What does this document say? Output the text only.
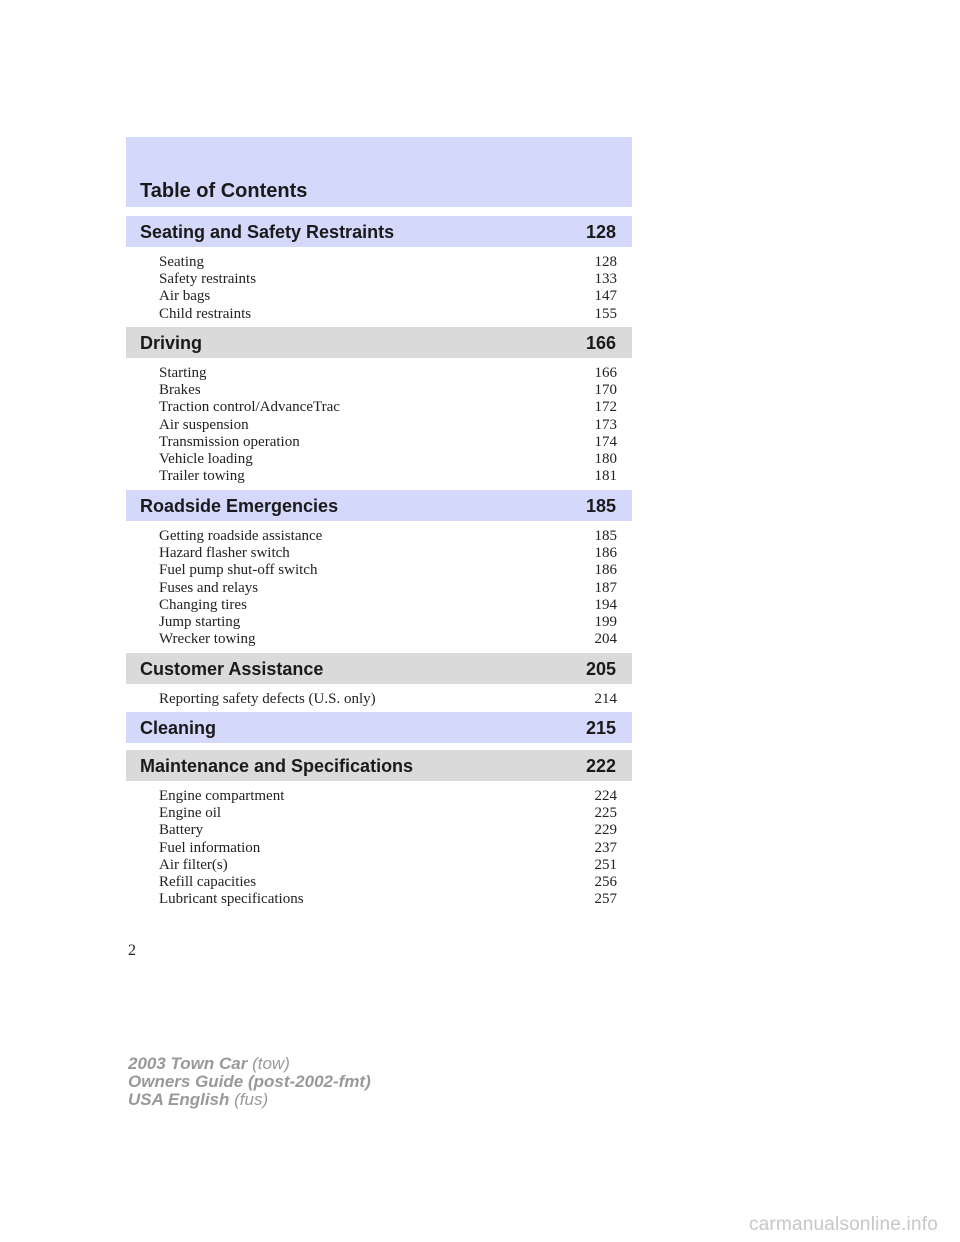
Table of Contents
Seating and Safety Restraints	128
Seating	128
Safety restraints	133
Air bags	147
Child restraints	155
Driving	166
Starting	166
Brakes	170
Traction control/AdvanceTrac	172
Air suspension	173
Transmission operation	174
Vehicle loading	180
Trailer towing	181
Roadside Emergencies	185
Getting roadside assistance	185
Hazard flasher switch	186
Fuel pump shut-off switch	186
Fuses and relays	187
Changing tires	194
Jump starting	199
Wrecker towing	204
Customer Assistance	205
Reporting safety defects (U.S. only)	214
Cleaning	215
Maintenance and Specifications	222
Engine compartment	224
Engine oil	225
Battery	229
Fuel information	237
Air filter(s)	251
Refill capacities	256
Lubricant specifications	257
2
2003 Town Car (tow)
Owners Guide (post-2002-fmt)
USA English (fus)
carmanualsonline.info
